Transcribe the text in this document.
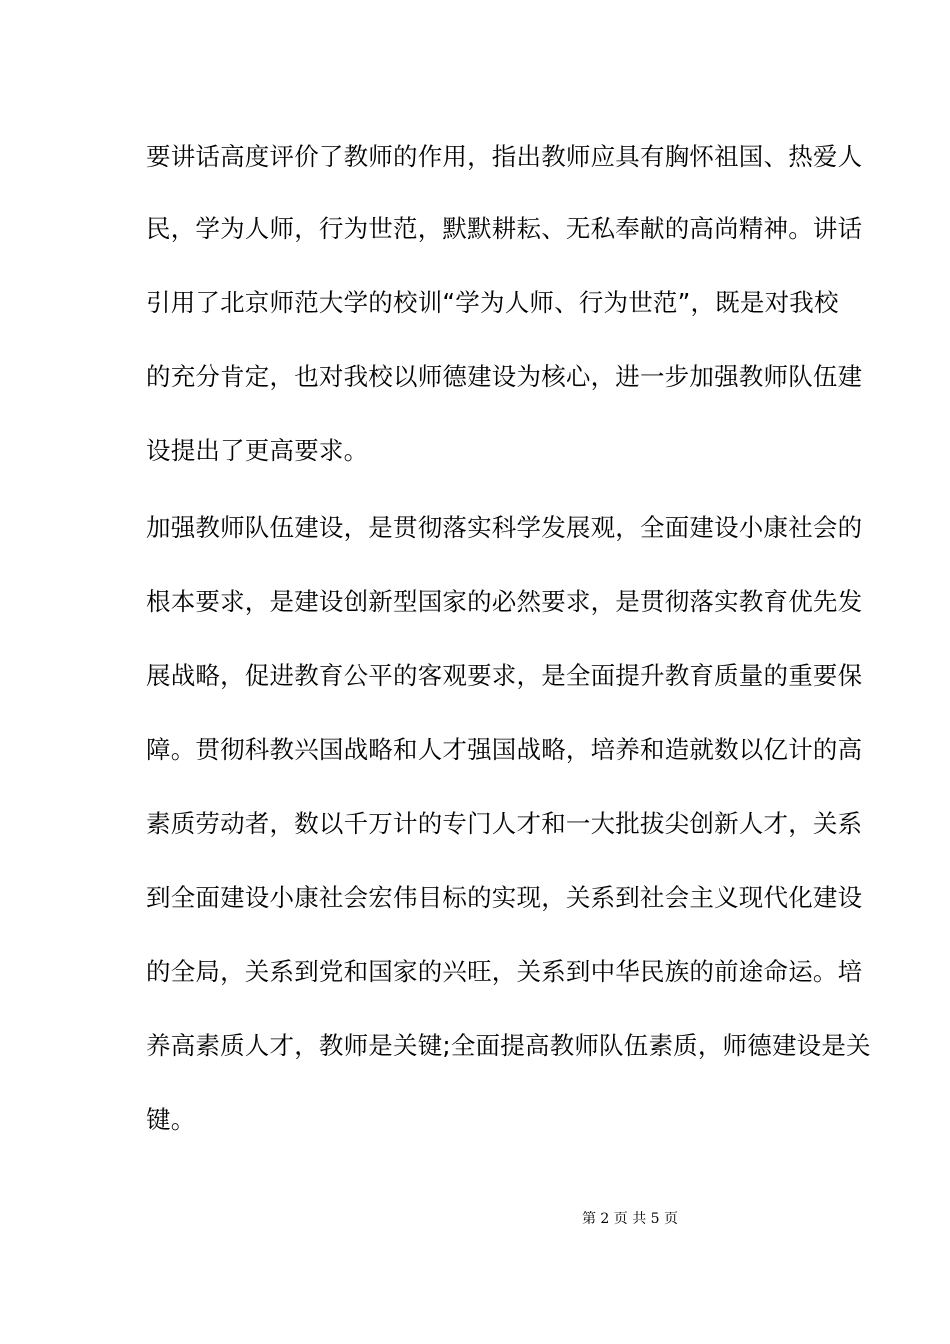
要讲话高度评价了教师的作用，指出教师应具有胸怀祖国、热爱人
民，学为人师，行为世范，默默耕耘、无私奉献的高尚精神。讲话
引用了北京师范大学的校训“学为人师、行为世范”，既是对我校
的充分肯定，也对我校以师德建设为核心，进一步加强教师队伍建
设提出了更高要求。
加强教师队伍建设，是贯彻落实科学发展观，全面建设小康社会的
根本要求，是建设创新型国家的必然要求，是贯彻落实教育优先发
展战略，促进教育公平的客观要求，是全面提升教育质量的重要保
障。贯彻科教兴国战略和人才强国战略，培养和造就数以亿计的高
素质劳动者，数以千万计的专门人才和一大批拔尖创新人才，关系
到全面建设小康社会宏伟目标的实现，关系到社会主义现代化建设
的全局，关系到党和国家的兴旺，关系到中华民族的前途命运。培
养高素质人才，教师是关键;全面提高教师队伍素质，师德建设是关
键。
第 2 页 共 5 页
